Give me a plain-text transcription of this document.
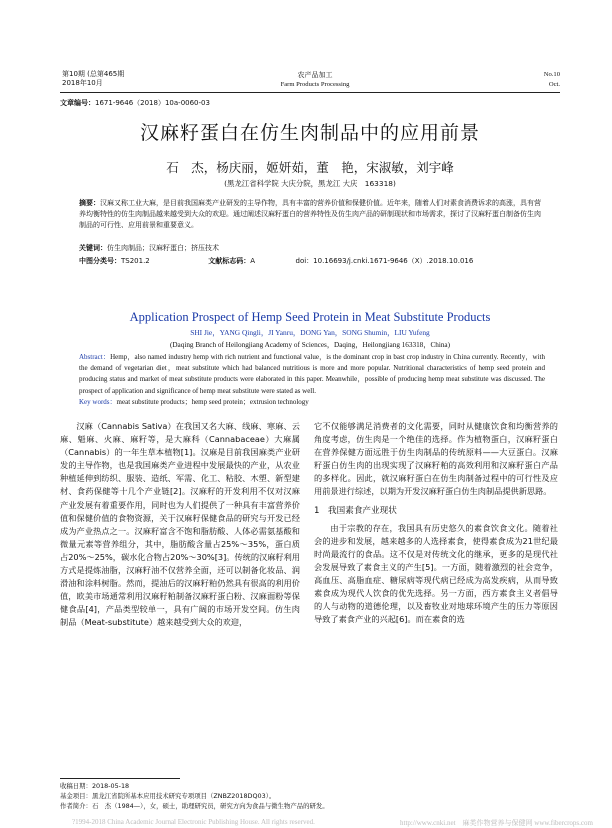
第10期 (总第465期
2018年10月
农产品加工
Farm Products Processing
No.10
Oct.
文章编号：1671-9646（2018）10a-0060-03
汉麻籽蛋白在仿生肉制品中的应用前景
石　杰，杨庆丽，姬妍茹，董　艳，宋淑敏，刘宇峰
(黑龙江省科学院 大庆分院，黑龙江 大庆　163318)
摘要：汉麻又称工业大麻，是目前我国麻类产业研发的主导作物，具有丰富的营养价值和保健价值。近年来，随着人们对素食消费诉求的高涨，具有营养均衡特性的仿生肉制品越来越受到大众的欢迎。通过阐述汉麻籽蛋白的营养特性及仿生肉产品的研制现状和市场需求，探讨了汉麻籽蛋白制备仿生肉制品的可行性、应用前景和重要意义。
关键词：仿生肉制品；汉麻籽蛋白；挤压技术
中图分类号：TS201.2	文献标志码：A	doi：10.16693/j.cnki.1671-9646（X）.2018.10.016
Application Prospect of Hemp Seed Protein in Meat Substitute Products
SHI Jie，YANG Qingli，JI Yanru，DONG Yan，SONG Shumin，LIU Yufeng
(Daqing Branch of Heilongjiang Academy of Sciences，Daqing，Heilongjiang 163318，China)
Abstract：Hemp，also named industry hemp with rich nutrient and functional value，is the dominant crop in bast crop industry in China currently. Recently，with the demand of vegetarian diet，meat substitute which had balanced nutritious is more and more popular. Nutritional characteristics of hemp seed protein and producing status and market of meat substitute products were elaborated in this paper. Meanwhile，possible of producing hemp meat substitute was discussed. The prospect of application and significance of hemp meat substitute were stated as well.
Key words：meat substitute products；hemp seed protein；extrusion technology
汉麻（Cannabis Sativa）在我国又名大麻、线麻、寒麻、云麻、魁麻、火麻、麻籽等，是大麻科（Cannabaceae）大麻属（Cannabis）的一年生草本植物[1]。汉麻是目前我国麻类产业研发的主导作物，也是我国麻类产业进程中发展最快的产业，从农业种植延伸到纺织、服装、造纸、军需、化工、粘胶、木塑、新型建材、食药保健等十几个产业链[2]。汉麻籽的开发利用不仅对汉麻产业发展有着重要作用，同时也为人们提供了一种具有丰富营养价值和保健价值的食物资源，关于汉麻籽保健食品的研究与开发已经成为产业热点之一。汉麻籽富含不饱和脂肪酸、人体必需氨基酸和微量元素等营养组分，其中，脂肪酸含量占25%～35%，蛋白质占20%～25%，碳水化合物占20%～30%[3]。传统的汉麻籽利用方式是提炼油脂，汉麻籽油不仅营养全面，还可以制备化妆品、润滑油和涂料树脂。然而，提油后的汉麻籽粕仍然具有很高的利用价值，欧美市场通常利用汉麻籽粕制备汉麻籽蛋白粉、汉麻面粉等保健食品[4]，产品类型较单一，具有广阔的市场开发空间。仿生肉制品（Meat-substitute）越来越受到大众的欢迎，
它不仅能够满足消费者的文化需要，同时从健康饮食和均衡营养的角度考虑，仿生肉是一个绝佳的选择。作为植物蛋白，汉麻籽蛋白在营养保健方面远胜于仿生肉制品的传统原料——大豆蛋白。汉麻籽蛋白仿生肉的出现实现了汉麻籽粕的高效利用和汉麻籽蛋白产品的多样化。因此，就汉麻籽蛋白在仿生肉制备过程中的可行性及应用前景进行综述，以期为开发汉麻籽蛋白仿生肉制品提供新思路。
1　我国素食产业现状
由于宗教的存在，我国具有历史悠久的素食饮食文化。随着社会的进步和发展，越来越多的人选择素食，使得素食成为21世纪最时尚最流行的食品。这不仅是对传统文化的继承，更多的是现代社会发展导致了素食主义的产生[5]。一方面，随着激烈的社会竞争，高血压、高脂血症、糖尿病等现代病已经成为高发疾病，从而导致素食成为现代人饮食的优先选择。另一方面，西方素食主义者倡导的人与动物的道德伦理，以及畜牧业对地球环境产生的压力等原因导致了素食产业的兴起[6]。而在素食的选
收稿日期：2018-05-18
基金项目：黑龙江省院所基本应用技术研究专项项目（ZNBZ2018DQ03）。
作者简介：石　杰（1984—），女，硕士，助理研究员，研究方向为食品与微生物产品的研发。
?1994-2018 China Academic Journal Electronic Publishing House. All rights reserved.	http://www.cnki.net　麻类作物营养与保健网 www.fibercrops.com
